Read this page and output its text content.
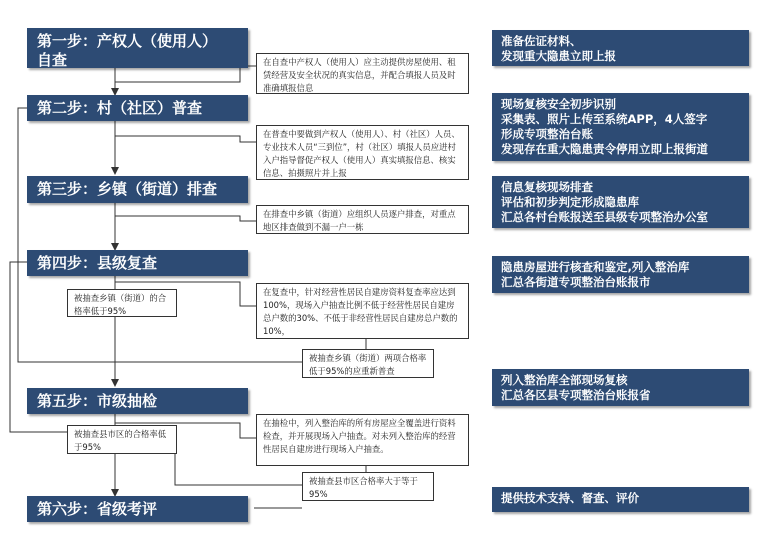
第一步：产权人（使用人）
自查
第二步：村（社区）普查
第三步：乡镇（街道）排查
第四步：县级复查
第五步：市级抽检
第六步：省级考评
在自查中产权人（使用人）应主动提供房屋使用、租赁经营及安全状况的真实信息，并配合填报人员及时准确填报信息
在普查中要做到产权人（使用人）、村（社区）人员、专业技术人员“三到位”，村（社区）填报人员应进村入户指导督促产权人（使用人）真实填报信息、核实信息、拍摄照片并上报
在排查中乡镇（街道）应组织人员逐户排查，对重点地区排查做到不漏一户一栋
在复查中，针对经营性居民自建房资料复查率应达到100%，现场入户抽查比例不低于经营性居民自建房总户数的30%、不低于非经营性居民自建房总户数的10%，
被抽查乡镇（街道）两项合格率低于95%的应重新普查
被抽查乡镇（街道）的合格率低于95%
在抽检中，列入整治库的所有房屋应全覆盖进行资料检查，并开展现场入户抽查。对未列入整治库的经营性居民自建房进行现场入户抽查。
被抽查县市区的合格率低于95%
被抽查县市区合格率大于等于95%
准备佐证材料、
发现重大隐患立即上报
现场复核安全初步识别
采集表、照片上传至系统APP，4人签字
形成专项整治台账
发现存在重大隐患责令停用立即上报街道
信息复核现场排查
评估和初步判定形成隐患库
汇总各村台账报送至县级专项整治办公室
隐患房屋进行核查和鉴定,列入整治库
汇总各街道专项整治台账报市
列入整治库全部现场复核
汇总各区县专项整治台账报省
提供技术支持、督查、评价
